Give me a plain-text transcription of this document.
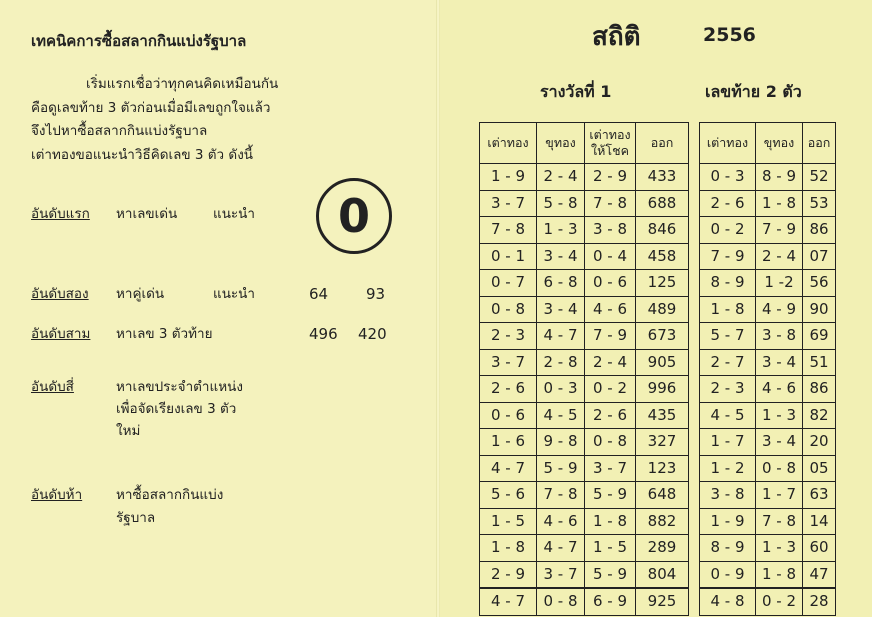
เทคนิคการซื้อสลากกินแบ่งรัฐบาล
เริ่มแรกเชื่อว่าทุกคนคิดเหมือนกัน
คือดูเลขท้าย 3 ตัวก่อนเมื่อมีเลขถูกใจแล้ว
จึงไปหาซื้อสลากกินแบ่งรัฐบาล
เต่าทองขอแนะนำวิธีคิดเลข 3 ตัว ดังนี้
0
อันดับแรก หาเลขเด่น	แนะนำ
อันดับสอง หาคู่เด่น	แนะนำ	64	93
อันดับสาม หาเลข 3 ตัวท้าย	496 420
อันดับสี่	หาเลขประจำตำแหน่ง
เพื่อจัดเรียงเลข 3 ตัว
ใหม่
อันดับห้า	หาซื้อสลากกินแบ่ง
รัฐบาล
สถิติ	2556
รางวัลที่ 1	เลขท้าย 2 ตัว
เต่าทอง	ขุทอง	เต่าทอง ให้โชค	ออก
1 - 9	2 - 4	2 - 9	433
3 - 7	5 - 8	7 - 8	688
7 - 8	1 - 3	3 - 8	846
0 - 1	3 - 4	0 - 4	458
0 - 7	6 - 8	0 - 6	125
0 - 8	3 - 4	4 - 6	489
2 - 3	4 - 7	7 - 9	673
3 - 7	2 - 8	2 - 4	905
2 - 6	0 - 3	0 - 2	996
0 - 6	4 - 5	2 - 6	435
1 - 6	9 - 8	0 - 8	327
4 - 7	5 - 9	3 - 7	123
5 - 6	7 - 8	5 - 9	648
1 - 5	4 - 6	1 - 8	882
1 - 8	4 - 7	1 - 5	289
2 - 9	3 - 7	5 - 9	804
4 - 7	0 - 8	6 - 9	925
เต่าทอง	ขุทอง	ออก
0 - 3	8 - 9	52
2 - 6	1 - 8	53
0 - 2	7 - 9	86
7 - 9	2 - 4	07
8 - 9	1 -2	56
1 - 8	4 - 9	90
5 - 7	3 - 8	69
2 - 7	3 - 4	51
2 - 3	4 - 6	86
4 - 5	1 - 3	82
1 - 7	3 - 4	20
1 - 2	0 - 8	05
3 - 8	1 - 7	63
1 - 9	7 - 8	14
8 - 9	1 - 3	60
0 - 9	1 - 8	47
4 - 8	0 - 2	28
